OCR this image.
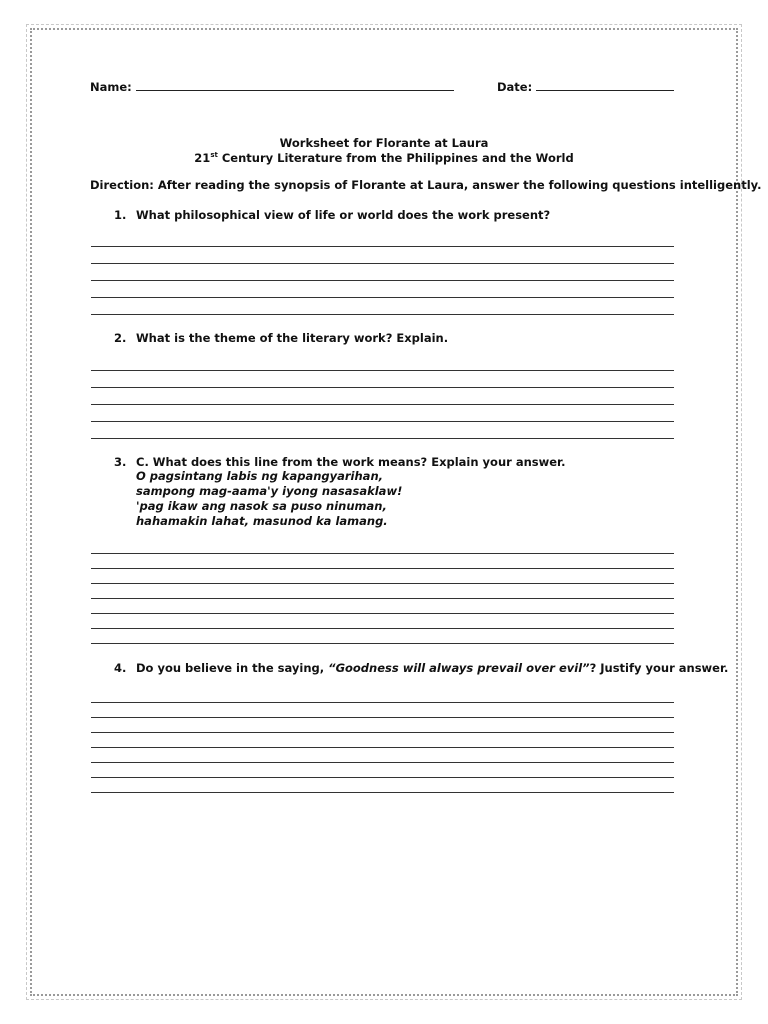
Name:	Date:
Worksheet for Florante at Laura
21st Century Literature from the Philippines and the World
Direction: After reading the synopsis of Florante at Laura, answer the following questions intelligently.
1. What philosophical view of life or world does the work present?
2. What is the theme of the literary work? Explain.
3. C. What does this line from the work means? Explain your answer.
O pagsintang labis ng kapangyarihan,
sampong mag-aama'y iyong nasasaklaw!
'pag ikaw ang nasok sa puso ninuman,
hahamakin lahat, masunod ka lamang.
4. Do you believe in the saying, “Goodness will always prevail over evil”? Justify your answer.
